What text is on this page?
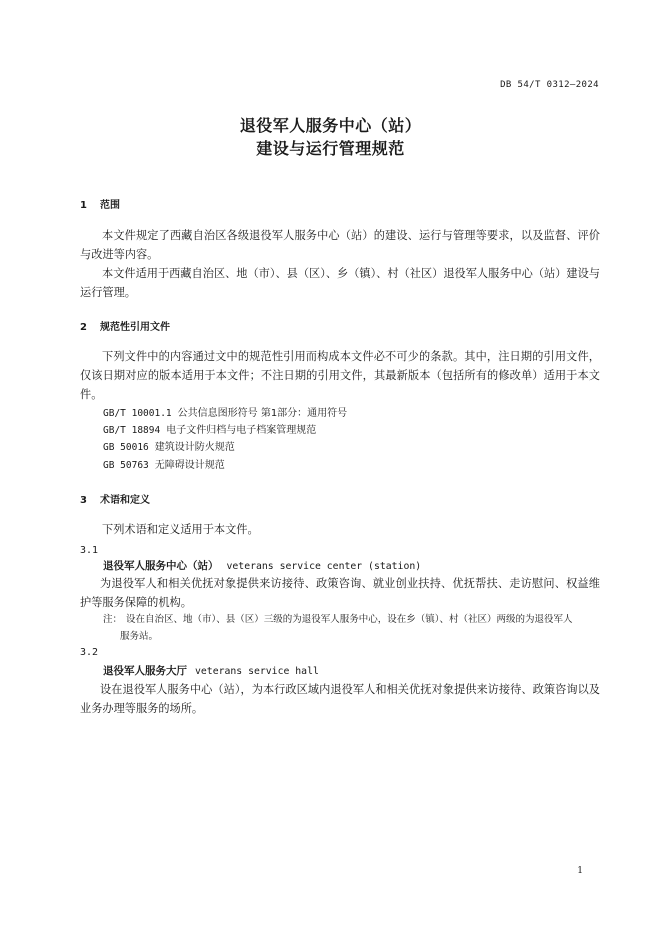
DB 54/T 0312—2024
退役军人服务中心（站）
建设与运行管理规范
1 范围
本文件规定了西藏自治区各级退役军人服务中心（站）的建设、运行与管理等要求，以及监督、评价与改进等内容。
本文件适用于西藏自治区、地（市）、县（区）、乡（镇）、村（社区）退役军人服务中心（站）建设与运行管理。
2 规范性引用文件
下列文件中的内容通过文中的规范性引用而构成本文件必不可少的条款。其中，注日期的引用文件，仅该日期对应的版本适用于本文件；不注日期的引用文件，其最新版本（包括所有的修改单）适用于本文件。
GB/T 10001.1 公共信息图形符号 第1部分：通用符号
GB/T 18894 电子文件归档与电子档案管理规范
GB 50016 建筑设计防火规范
GB 50763 无障碍设计规范
3 术语和定义
下列术语和定义适用于本文件。
3.1
退役军人服务中心（站） veterans service center (station)
为退役军人和相关优抚对象提供来访接待、政策咨询、就业创业扶持、优抚帮扶、走访慰问、权益维护等服务保障的机构。
注： 设在自治区、地（市）、县（区）三级的为退役军人服务中心，设在乡（镇）、村（社区）两级的为退役军人
服务站。
3.2
退役军人服务大厅 veterans service hall
设在退役军人服务中心（站），为本行政区域内退役军人和相关优抚对象提供来访接待、政策咨询以及业务办理等服务的场所。
1
